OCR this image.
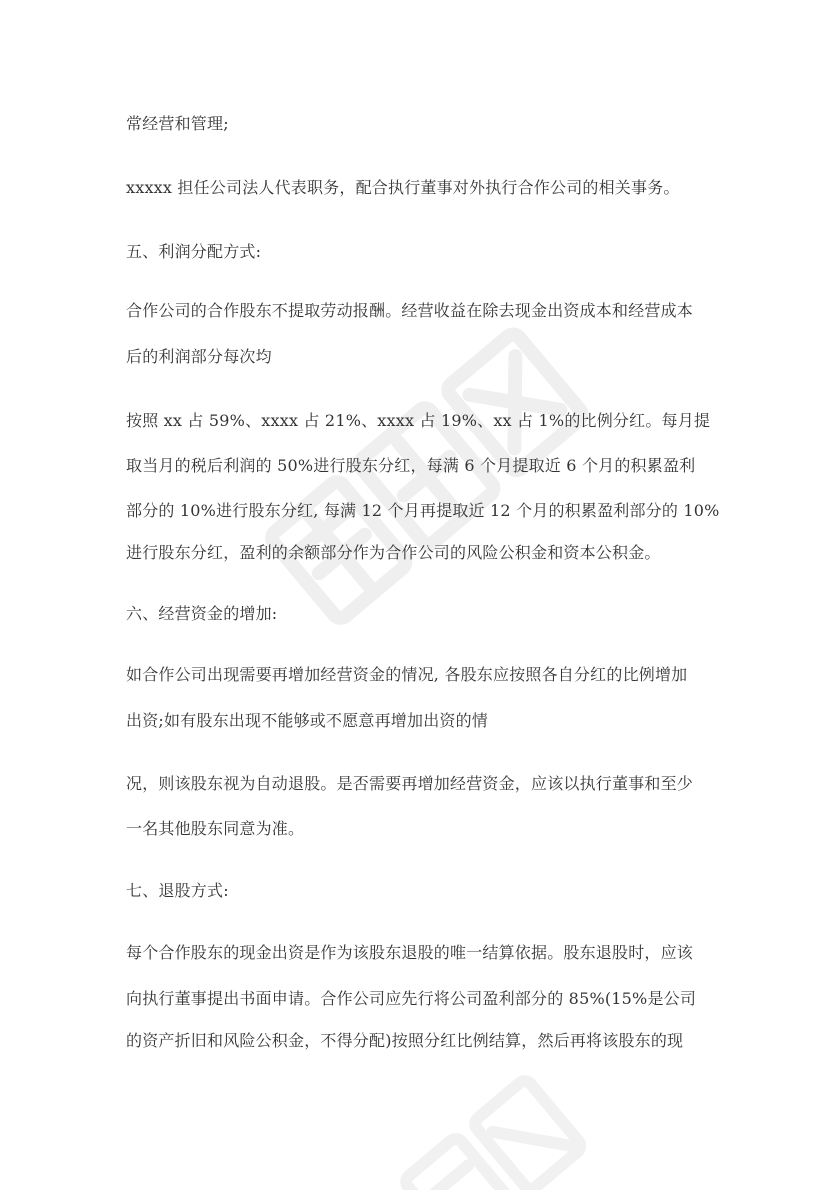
常经营和管理;
xxxxx 担任公司法人代表职务，配合执行董事对外执行合作公司的相关事务。
五、利润分配方式:
合作公司的合作股东不提取劳动报酬。经营收益在除去现金出资成本和经营成本
后的利润部分每次均
按照 xx 占 59%、xxxx 占 21%、xxxx 占 19%、xx 占 1%的比例分红。每月提
取当月的税后利润的 50%进行股东分红，每满 6 个月提取近 6 个月的积累盈利
部分的 10%进行股东分红, 每满 12 个月再提取近 12 个月的积累盈利部分的 10%
进行股东分红，盈利的余额部分作为合作公司的风险公积金和资本公积金。
六、经营资金的增加:
如合作公司出现需要再增加经营资金的情况, 各股东应按照各自分红的比例增加
出资;如有股东出现不能够或不愿意再增加出资的情
况，则该股东视为自动退股。是否需要再增加经营资金，应该以执行董事和至少
一名其他股东同意为准。
七、退股方式:
每个合作股东的现金出资是作为该股东退股的唯一结算依据。股东退股时，应该
向执行董事提出书面申请。合作公司应先行将公司盈利部分的 85%(15%是公司
的资产折旧和风险公积金，不得分配)按照分红比例结算，然后再将该股东的现
